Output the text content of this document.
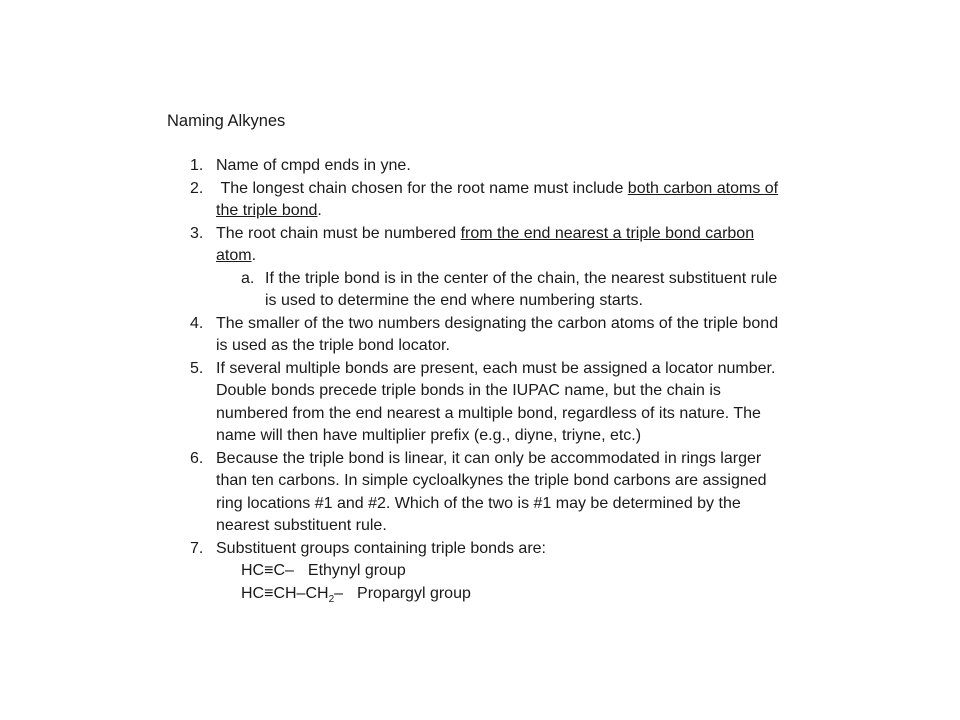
Naming Alkynes
1. Name of cmpd ends in yne.
2. The longest chain chosen for the root name must include both carbon atoms of the triple bond.
3. The root chain must be numbered from the end nearest a triple bond carbon atom.
a. If the triple bond is in the center of the chain, the nearest substituent rule is used to determine the end where numbering starts.
4. The smaller of the two numbers designating the carbon atoms of the triple bond is used as the triple bond locator.
5. If several multiple bonds are present, each must be assigned a locator number. Double bonds precede triple bonds in the IUPAC name, but the chain is numbered from the end nearest a multiple bond, regardless of its nature. The name will then have multiplier prefix (e.g., diyne, triyne, etc.)
6. Because the triple bond is linear, it can only be accommodated in rings larger than ten carbons. In simple cycloalkynes the triple bond carbons are assigned ring locations #1 and #2. Which of the two is #1 may be determined by the nearest substituent rule.
7. Substituent groups containing triple bonds are:
HC≡C– Ethynyl group
$HC\equiv CH-CH_2-$ Propargyl group
